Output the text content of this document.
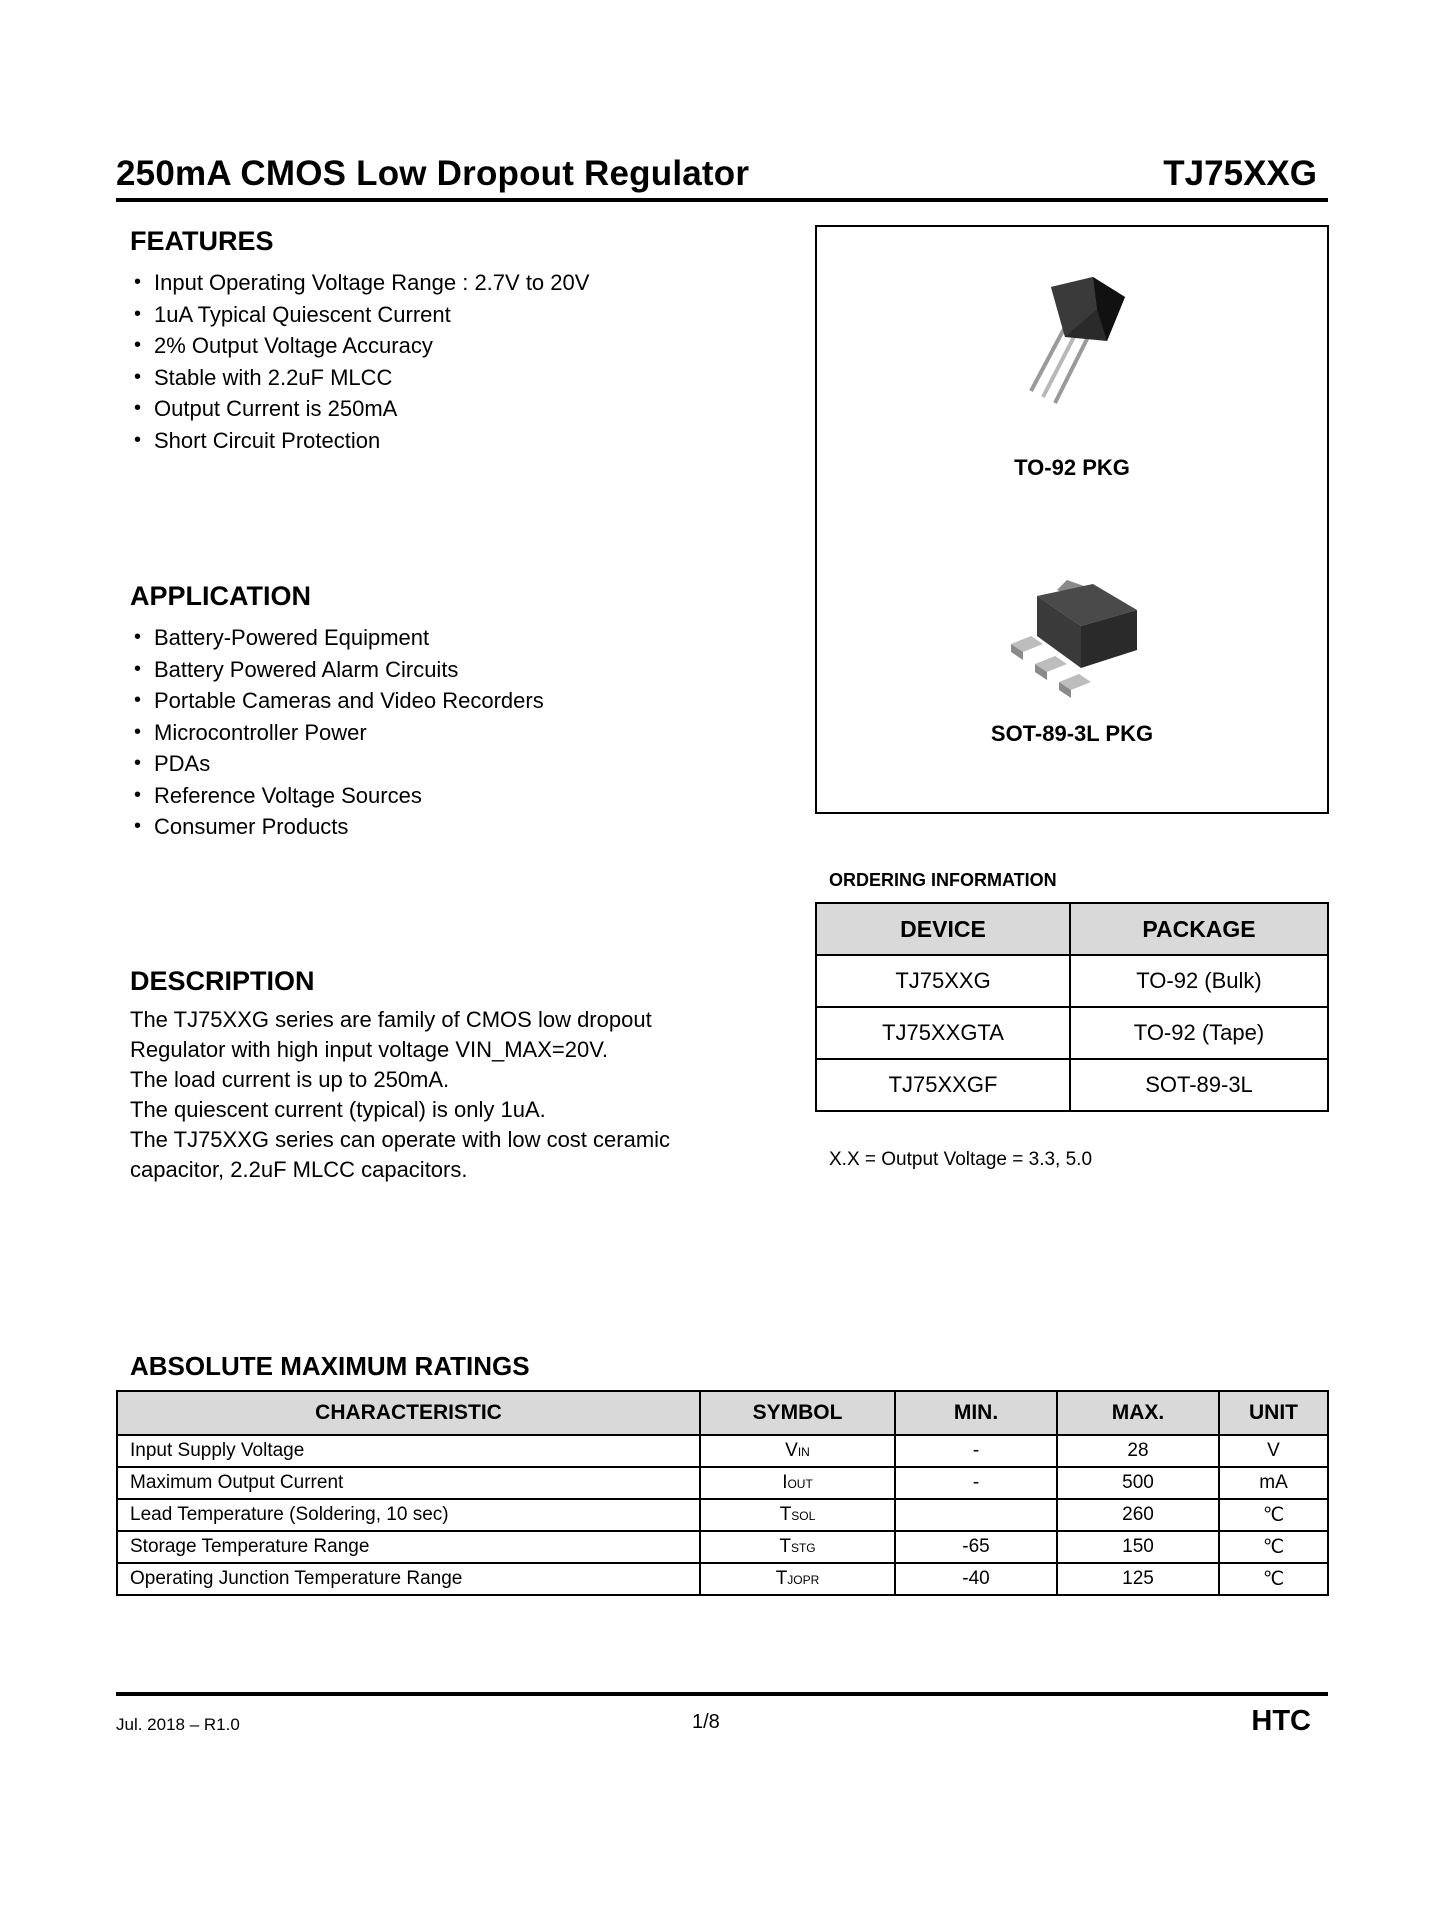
250mA CMOS Low Dropout Regulator	TJ75XXG
FEATURES
• Input Operating Voltage Range : 2.7V to 20V
• 1uA Typical Quiescent Current
• 2% Output Voltage Accuracy
• Stable with 2.2uF MLCC
• Output Current is 250mA
• Short Circuit Protection
APPLICATION
• Battery-Powered Equipment
• Battery Powered Alarm Circuits
• Portable Cameras and Video Recorders
• Microcontroller Power
• PDAs
• Reference Voltage Sources
• Consumer Products
DESCRIPTION

The TJ75XXG series are family of CMOS low dropout

Regulator with high input voltage VIN_MAX=20V.

The load current is up to 250mA.

The quiescent current (typical) is only 1uA.

The TJ75XXG series can operate with low cost ceramic

capacitor, 2.2uF MLCC capacitors.

TO-92 PKG
SOT-89-3L PKG
ORDERING INFORMATION
DEVICE	PACKAGE
TJ75XXG	TO-92 (Bulk)
TJ75XXGTA	TO-92 (Tape)
TJ75XXGF	SOT-89-3L
X.X = Output Voltage = 3.3, 5.0
ABSOLUTE MAXIMUM RATINGS
CHARACTERISTIC	SYMBOL	MIN.	MAX.	UNIT
Input Supply Voltage	VIN	-	28	V
Maximum Output Current	IOUT	-	500	mA
Lead Temperature (Soldering, 10 sec)	TSOL		260	℃
Storage Temperature Range	TSTG	-65	150	℃
Operating Junction Temperature Range	TJOPR	-40	125	℃
Jul. 2018 – R1.0	1/8	HTC
